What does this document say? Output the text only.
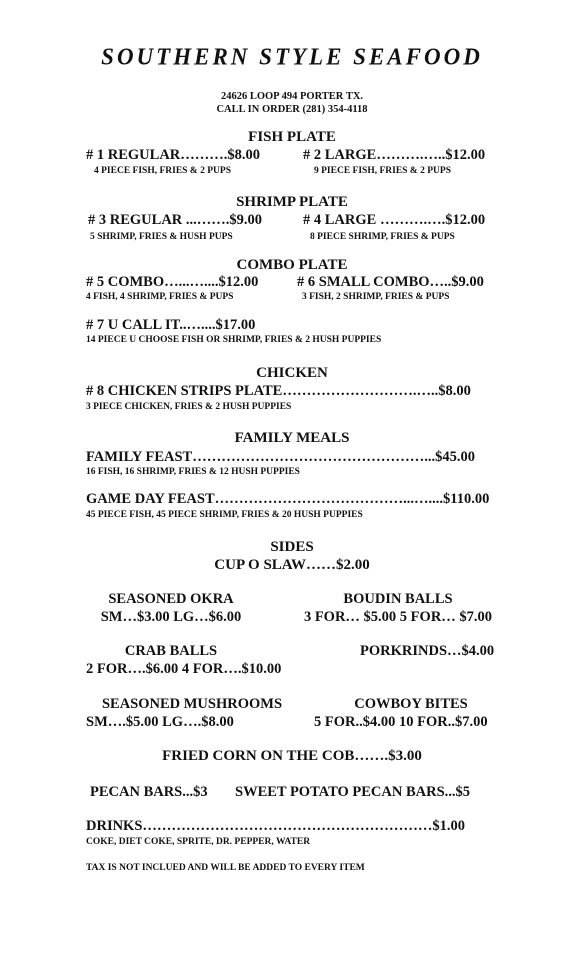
SOUTHERN STYLE SEAFOOD
24626 LOOP 494 PORTER TX.
CALL IN ORDER (281) 354-4118
FISH PLATE
# 1 REGULAR……….$8.00
4 PIECE FISH, FRIES & 2 PUPS
# 2 LARGE……….…..$12.00
9 PIECE FISH, FRIES & 2 PUPS
SHRIMP PLATE
# 3 REGULAR ...…….$9.00
5 SHRIMP, FRIES & HUSH PUPS
# 4 LARGE ……….….$12.00
8 PIECE SHRIMP, FRIES & PUPS
COMBO PLATE
# 5 COMBO…...…....$12.00
4 FISH, 4 SHRIMP, FRIES & PUPS
# 6 SMALL COMBO…..$9.00
3 FISH, 2 SHRIMP, FRIES & PUPS
# 7 U CALL IT..…....$17.00
14 PIECE U CHOOSE FISH OR SHRIMP, FRIES & 2 HUSH PUPPIES
CHICKEN
# 8 CHICKEN STRIPS PLATE……………………….…..$8.00
3 PIECE CHICKEN, FRIES & 2 HUSH PUPPIES
FAMILY MEALS
FAMILY FEAST…………………………………………...$45.00
16 FISH, 16 SHRIMP, FRIES & 12 HUSH PUPPIES
GAME DAY FEAST…………………………………...…....$110.00
45 PIECE FISH, 45 PIECE SHRIMP, FRIES & 20 HUSH PUPPIES
SIDES
CUP O SLAW……$2.00
SEASONED OKRA
SM…$3.00 LG…$6.00
BOUDIN BALLS
3 FOR… $5.00 5 FOR… $7.00
CRAB BALLS
2 FOR….$6.00 4 FOR….$10.00
PORKRINDS…$4.00
SEASONED MUSHROOMS
SM….$5.00 LG….$8.00
COWBOY BITES
5 FOR..$4.00 10 FOR..$7.00
FRIED CORN ON THE COB…….$3.00
PECAN BARS...$3 SWEET POTATO PECAN BARS...$5
DRINKS……………………………………………………$1.00
COKE, DIET COKE, SPRITE, DR. PEPPER, WATER
TAX IS NOT INCLUED AND WILL BE ADDED TO EVERY ITEM
